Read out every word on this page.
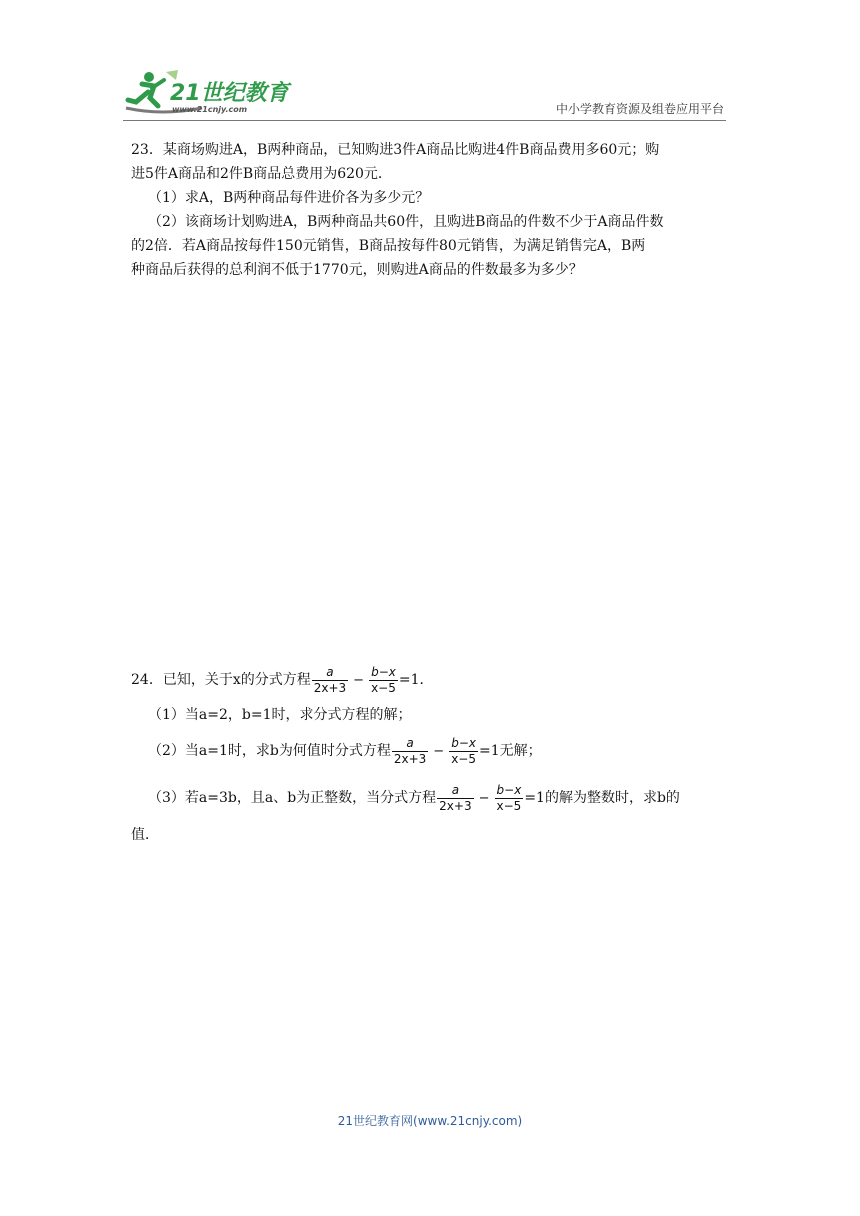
21世纪教育
www.21cnjy.com	中小学教育资源及组卷应用平台

23．某商场购进A，B两种商品，已知购进3件A商品比购进4件B商品费用多60元；购

进5件A商品和2件B商品总费用为620元．

（1）求A，B两种商品每件进价各为多少元？

（2）该商场计划购进A，B两种商品共60件，且购进B商品的件数不少于A商品件数

的2倍．若A商品按每件150元销售，B商品按每件80元销售，为满足销售完A，B两

种商品后获得的总利润不低于1770元，则购进A商品的件数最多为多少？

24．已知，关于x的分式方程 $\frac{a}{2x+3} - \frac{b-x}{x-5} =1$．

（1）当a=2，b=1时，求分式方程的解；

（2）当a=1时，求b为何值时分式方程 $\frac{a}{2x+3} - \frac{b-x}{x-5} =1$无解；

（3）若a=3b，且a、b为正整数，当分式方程 $\frac{a}{2x+3} - \frac{b-x}{x-5} =1$的解为整数时，求b的

值．

21世纪教育网(www.21cnjy.com)
